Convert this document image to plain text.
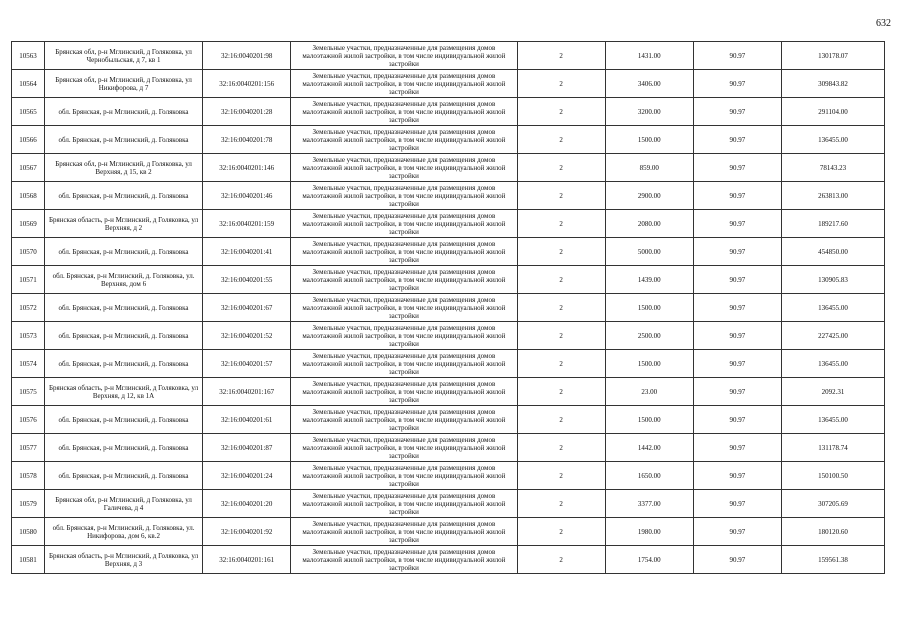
632
10563	Брянская обл, р-н Мглинский, д Голяковка, ул Чернобыльская, д 7, кв 1	32:16:0040201:98	Земельные участки, предназначенные для размещения домов малоэтажной жилой застройки, в том числе индивидуальной жилой застройки	2	1431.00	90.97	130178.07
10564	Брянская обл, р-н Мглинский, д Голяковка, ул Никифорова, д 7	32:16:0040201:156	Земельные участки, предназначенные для размещения домов малоэтажной жилой застройки, в том числе индивидуальной жилой застройки	2	3406.00	90.97	309843.82
10565	обл. Брянская, р-н Мглинский, д. Голяковка	32:16:0040201:28	Земельные участки, предназначенные для размещения домов малоэтажной жилой застройки, в том числе индивидуальной жилой застройки	2	3200.00	90.97	291104.00
10566	обл. Брянская, р-н Мглинский, д. Голяковка	32:16:0040201:78	Земельные участки, предназначенные для размещения домов малоэтажной жилой застройки, в том числе индивидуальной жилой застройки	2	1500.00	90.97	136455.00
10567	Брянская обл, р-н Мглинский, д Голяковка, ул Верхняя, д 15, кв 2	32:16:0040201:146	Земельные участки, предназначенные для размещения домов малоэтажной жилой застройки, в том числе индивидуальной жилой застройки	2	859.00	90.97	78143.23
10568	обл. Брянская, р-н Мглинский, д. Голяковка	32:16:0040201:46	Земельные участки, предназначенные для размещения домов малоэтажной жилой застройки, в том числе индивидуальной жилой застройки	2	2900.00	90.97	263813.00
10569	Брянская область, р-н Мглинский, д Голяковка, ул Верхняя, д 2	32:16:0040201:159	Земельные участки, предназначенные для размещения домов малоэтажной жилой застройки, в том числе индивидуальной жилой застройки	2	2080.00	90.97	189217.60
10570	обл. Брянская, р-н Мглинский, д. Голяковка	32:16:0040201:41	Земельные участки, предназначенные для размещения домов малоэтажной жилой застройки, в том числе индивидуальной жилой застройки	2	5000.00	90.97	454850.00
10571	обл. Брянская, р-н Мглинский, д. Голяковка, ул. Верхняя, дом 6	32:16:0040201:55	Земельные участки, предназначенные для размещения домов малоэтажной жилой застройки, в том числе индивидуальной жилой застройки	2	1439.00	90.97	130905.83
10572	обл. Брянская, р-н Мглинский, д. Голяковка	32:16:0040201:67	Земельные участки, предназначенные для размещения домов малоэтажной жилой застройки, в том числе индивидуальной жилой застройки	2	1500.00	90.97	136455.00
10573	обл. Брянская, р-н Мглинский, д. Голяковка	32:16:0040201:52	Земельные участки, предназначенные для размещения домов малоэтажной жилой застройки, в том числе индивидуальной жилой застройки	2	2500.00	90.97	227425.00
10574	обл. Брянская, р-н Мглинский, д. Голяковка	32:16:0040201:57	Земельные участки, предназначенные для размещения домов малоэтажной жилой застройки, в том числе индивидуальной жилой застройки	2	1500.00	90.97	136455.00
10575	Брянская область, р-н Мглинский, д Голяковка, ул Верхняя, д 12, кв 1А	32:16:0040201:167	Земельные участки, предназначенные для размещения домов малоэтажной жилой застройки, в том числе индивидуальной жилой застройки	2	23.00	90.97	2092.31
10576	обл. Брянская, р-н Мглинский, д. Голяковка	32:16:0040201:61	Земельные участки, предназначенные для размещения домов малоэтажной жилой застройки, в том числе индивидуальной жилой застройки	2	1500.00	90.97	136455.00
10577	обл. Брянская, р-н Мглинский, д. Голяковка	32:16:0040201:87	Земельные участки, предназначенные для размещения домов малоэтажной жилой застройки, в том числе индивидуальной жилой застройки	2	1442.00	90.97	131178.74
10578	обл. Брянская, р-н Мглинский, д. Голяковка	32:16:0040201:24	Земельные участки, предназначенные для размещения домов малоэтажной жилой застройки, в том числе индивидуальной жилой застройки	2	1650.00	90.97	150100.50
10579	Брянская обл, р-н Мглинский, д Голяковка, ул Галичева, д 4	32:16:0040201:20	Земельные участки, предназначенные для размещения домов малоэтажной жилой застройки, в том числе индивидуальной жилой застройки	2	3377.00	90.97	307205.69
10580	обл. Брянская, р-н Мглинский, д. Голяковка, ул. Никифорова, дом 6, кв.2	32:16:0040201:92	Земельные участки, предназначенные для размещения домов малоэтажной жилой застройки, в том числе индивидуальной жилой застройки	2	1980.00	90.97	180120.60
10581	Брянская область, р-н Мглинский, д Голяковка, ул Верхняя, д 3	32:16:0040201:161	Земельные участки, предназначенные для размещения домов малоэтажной жилой застройки, в том числе индивидуальной жилой застройки	2	1754.00	90.97	159561.38
